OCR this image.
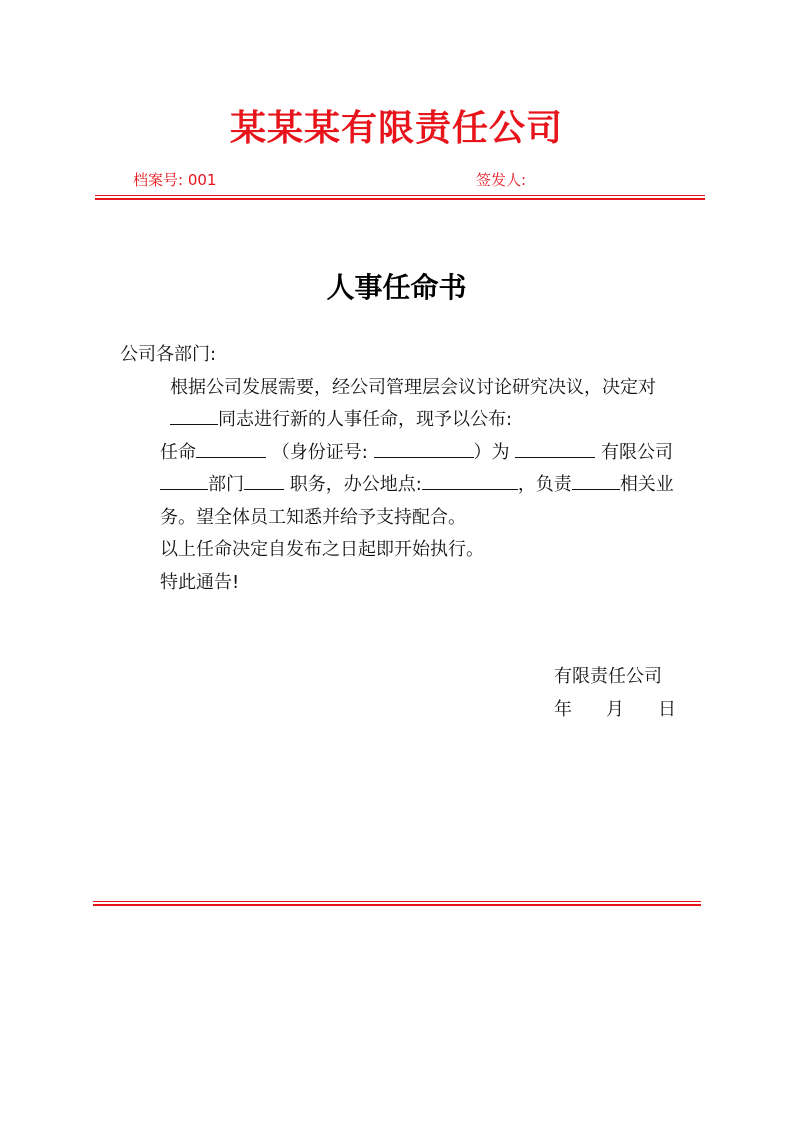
某某某有限责任公司
档案号: 001	签发人:
人事任命书

公司各部门:

根据公司发展需要，经公司管理层会议讨论研究决议，决定对同志进行新的人事任命，现予以公布:

任命	（身份证号:	）为	有限公司部门	职务，办公地点:	，负责	相关业务。望全体员工知悉并给予支持配合。

以上任命决定自发布之日起即开始执行。

特此通告!

有限责任公司
年 月 日
